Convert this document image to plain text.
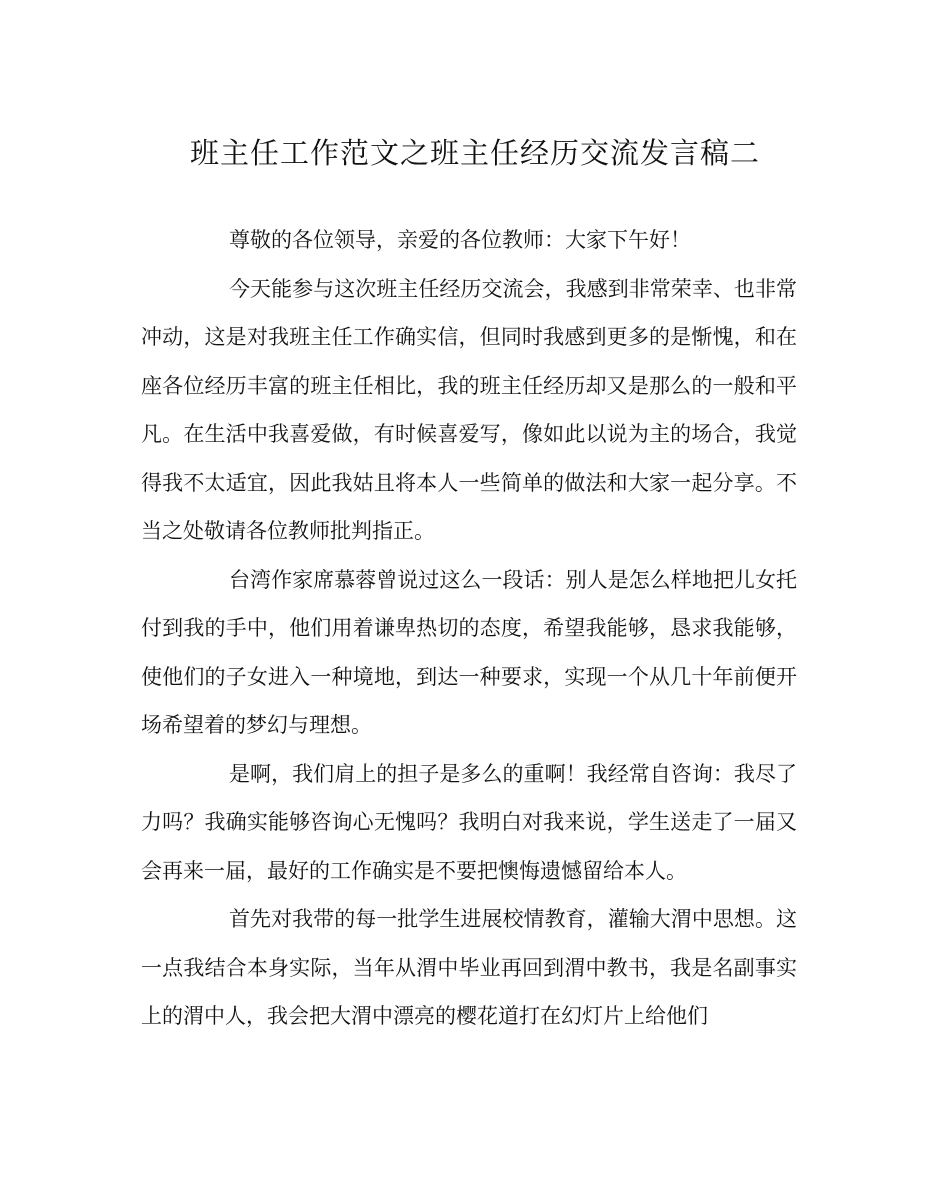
班主任工作范文之班主任经历交流发言稿二

尊敬的各位领导，亲爱的各位教师：大家下午好！

今天能参与这次班主任经历交流会，我感到非常荣幸、也非常冲动，这是对我班主任工作确实信，但同时我感到更多的是惭愧，和在座各位经历丰富的班主任相比，我的班主任经历却又是那么的一般和平凡。在生活中我喜爱做，有时候喜爱写，像如此以说为主的场合，我觉得我不太适宜，因此我姑且将本人一些简单的做法和大家一起分享。不当之处敬请各位教师批判指正。

台湾作家席慕蓉曾说过这么一段话：别人是怎么样地把儿女托付到我的手中，他们用着谦卑热切的态度，希望我能够，恳求我能够，使他们的子女进入一种境地，到达一种要求，实现一个从几十年前便开场希望着的梦幻与理想。

是啊，我们肩上的担子是多么的重啊！我经常自咨询：我尽了力吗？我确实能够咨询心无愧吗？我明白对我来说，学生送走了一届又会再来一届，最好的工作确实是不要把懊悔遗憾留给本人。

首先对我带的每一批学生进展校情教育，灌输大渭中思想。这一点我结合本身实际，当年从渭中毕业再回到渭中教书，我是名副事实上的渭中人，我会把大渭中漂亮的樱花道打在幻灯片上给他们
